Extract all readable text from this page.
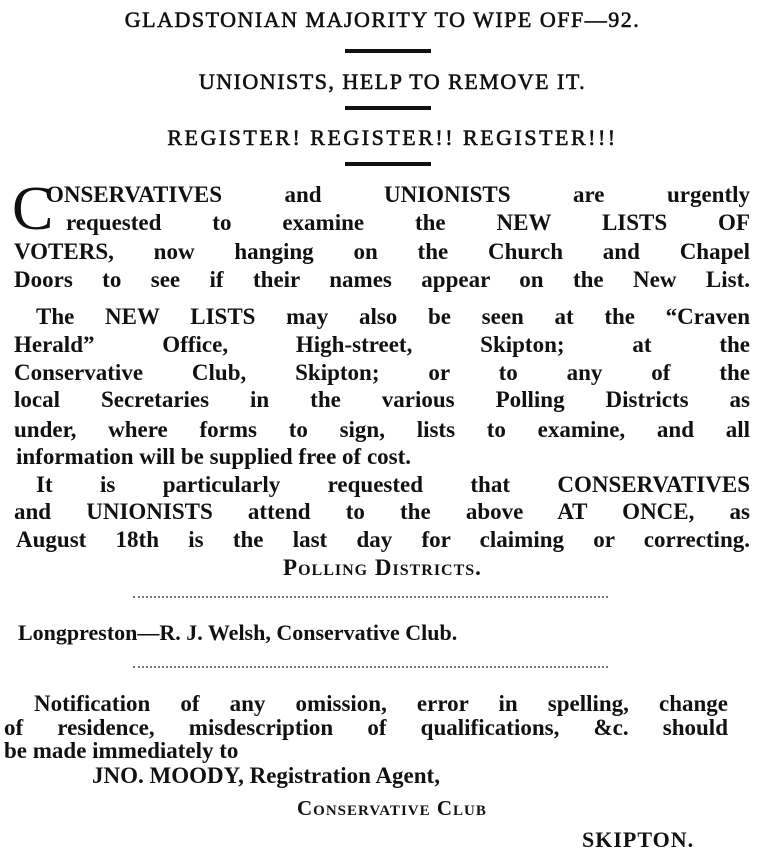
GLADSTONIAN MAJORITY TO WIPE OFF—92.
UNIONISTS, HELP TO REMOVE IT.
REGISTER! REGISTER!! REGISTER!!!
C
ONSERVATIVES and UNIONISTS are urgently
requested to examine the NEW LISTS OF
VOTERS, now hanging on the Church and Chapel
Doors to see if their names appear on the New List.
The NEW LISTS may also be seen at the “Craven
Herald” Office, High-street, Skipton; at the
Conservative Club, Skipton; or to any of the
local Secretaries in the various Polling Districts as
under, where forms to sign, lists to examine, and all
information will be supplied free of cost.
It is particularly requested that CONSERVATIVES
and UNIONISTS attend to the above AT ONCE, as
August 18th is the last day for claiming or correcting.
Polling Districts.
Longpreston—R. J. Welsh, Conservative Club.
Notification of any omission, error in spelling, change
of residence, misdescription of qualifications, &c. should
be made immediately to
JNO. MOODY, Registration Agent,
Conservative Club
SKIPTON.
